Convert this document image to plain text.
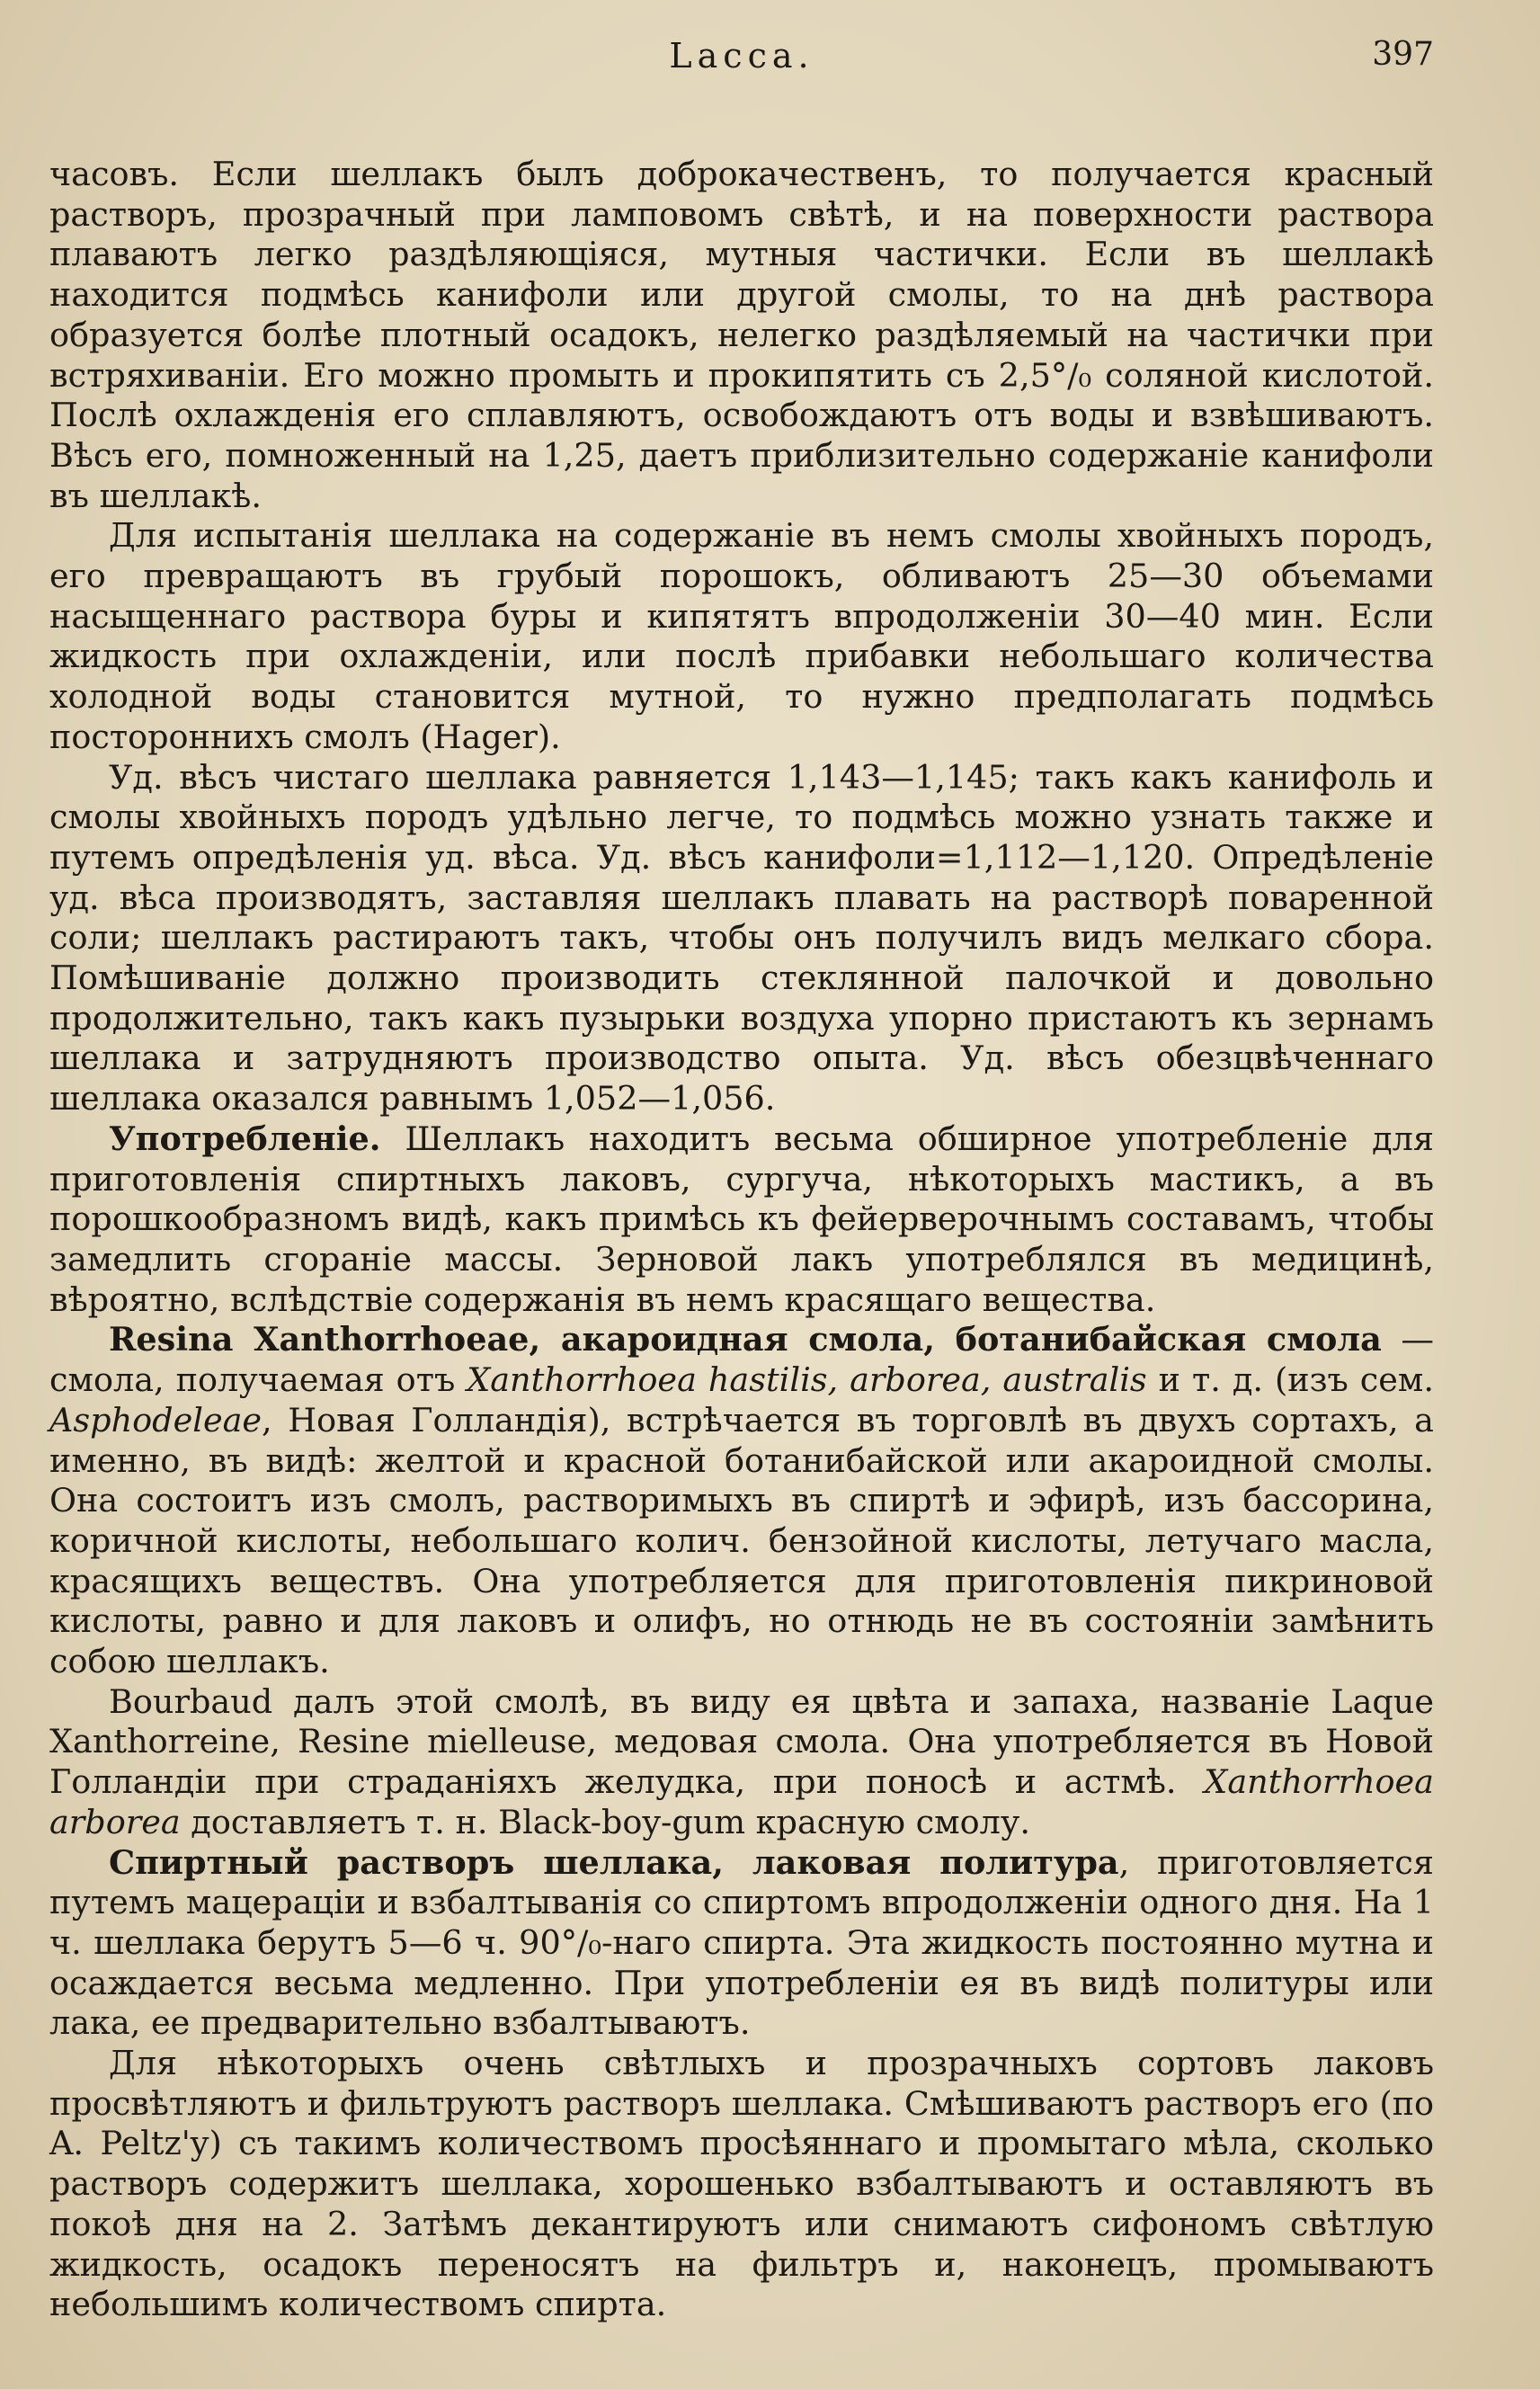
Lacca.	397

часовъ. Если шеллакъ былъ доброкачественъ, то получается красный растворъ, прозрачный при ламповомъ свѣтѣ, и на поверхности раствора плаваютъ легко раздѣляющіяся, мутныя частички. Если въ шеллакѣ находится подмѣсь канифоли или другой смолы, то на днѣ раствора образуется болѣе плотный осадокъ, нелегко раздѣляемый на частички при встряхиваніи. Его можно промыть и прокипятить съ 2,5°/₀ соляной кислотой. Послѣ охлажденія его сплавляютъ, освобождаютъ отъ воды и взвѣшиваютъ. Вѣсъ его, помноженный на 1,25, даетъ приблизительно содержаніе канифоли въ шеллакѣ.

Для испытанія шеллака на содержаніе въ немъ смолы хвойныхъ породъ, его превращаютъ въ грубый порошокъ, обливаютъ 25—30 объемами насыщеннаго раствора буры и кипятятъ впродолженіи 30—40 мин. Если жидкость при охлажденіи, или послѣ прибавки небольшаго количества холодной воды становится мутной, то нужно предполагать подмѣсь постороннихъ смолъ (Hager).

Уд. вѣсъ чистаго шеллака равняется 1,143—1,145; такъ какъ канифоль и смолы хвойныхъ породъ удѣльно легче, то подмѣсь можно узнать также и путемъ опредѣленія уд. вѣса. Уд. вѣсъ канифоли=1,112—1,120. Опредѣленіе уд. вѣса производятъ, заставляя шеллакъ плавать на растворѣ поваренной соли; шеллакъ растираютъ такъ, чтобы онъ получилъ видъ мелкаго сбора. Помѣшиваніе должно производить стеклянной палочкой и довольно продолжительно, такъ какъ пузырьки воздуха упорно пристаютъ къ зернамъ шеллака и затрудняютъ производство опыта. Уд. вѣсъ обезцвѣченнаго шеллака оказался равнымъ 1,052—1,056.

Употребленіе. Шеллакъ находитъ весьма обширное употребленіе для приготовленія спиртныхъ лаковъ, сургуча, нѣкоторыхъ мастикъ, а въ порошкообразномъ видѣ, какъ примѣсь къ фейерверочнымъ составамъ, чтобы замедлить сгораніе массы. Зерновой лакъ употреблялся въ медицинѣ, вѣроятно, вслѣдствіе содержанія въ немъ красящаго вещества.

Resina Xanthorrhoeae, акароидная смола, ботанибайская смола —смола, получаемая отъ Xanthorrhoea hastilis, arborea, australis и т. д. (изъ сем. Asphodeleae, Новая Голландія), встрѣчается въ торговлѣ въ двухъ сортахъ, а именно, въ видѣ: желтой и красной ботанибайской или акароидной смолы. Она состоитъ изъ смолъ, растворимыхъ въ спиртѣ и эфирѣ, изъ бассорина, коричной кислоты, небольшаго колич. бензойной кислоты, летучаго масла, красящихъ веществъ. Она употребляется для приготовленія пикриновой кислоты, равно и для лаковъ и олифъ, но отнюдь не въ состояніи замѣнить собою шеллакъ.

Bourbaud далъ этой смолѣ, въ виду ея цвѣта и запаха, названіе Laque Xanthorreine, Resine mielleuse, медовая смола. Она употребляется въ Новой Голландіи при страданіяхъ желудка, при поносѣ и астмѣ. Xanthorrhoea arborea доставляетъ т. н. Black-boy-gum красную смолу.

Спиртный растворъ шеллака, лаковая политура, приготовляется путемъ мацераціи и взбалтыванія со спиртомъ впродолженіи одного дня. На 1 ч. шеллака берутъ 5—6 ч. 90°/₀-наго спирта. Эта жидкость постоянно мутна и осаждается весьма медленно. При употребленіи ея въ видѣ политуры или лака, ее предварительно взбалтываютъ.

Для нѣкоторыхъ очень свѣтлыхъ и прозрачныхъ сортовъ лаковъ просвѣтляютъ и фильтруютъ растворъ шеллака. Смѣшиваютъ растворъ его (по A. Peltz'y) съ такимъ количествомъ просѣяннаго и промытаго мѣла, сколько растворъ содержитъ шеллака, хорошенько взбалтываютъ и оставляютъ въ покоѣ дня на 2. Затѣмъ декантируютъ или снимаютъ сифономъ свѣтлую жидкость, осадокъ переносятъ на фильтръ и, наконецъ, промываютъ небольшимъ количествомъ спирта.
